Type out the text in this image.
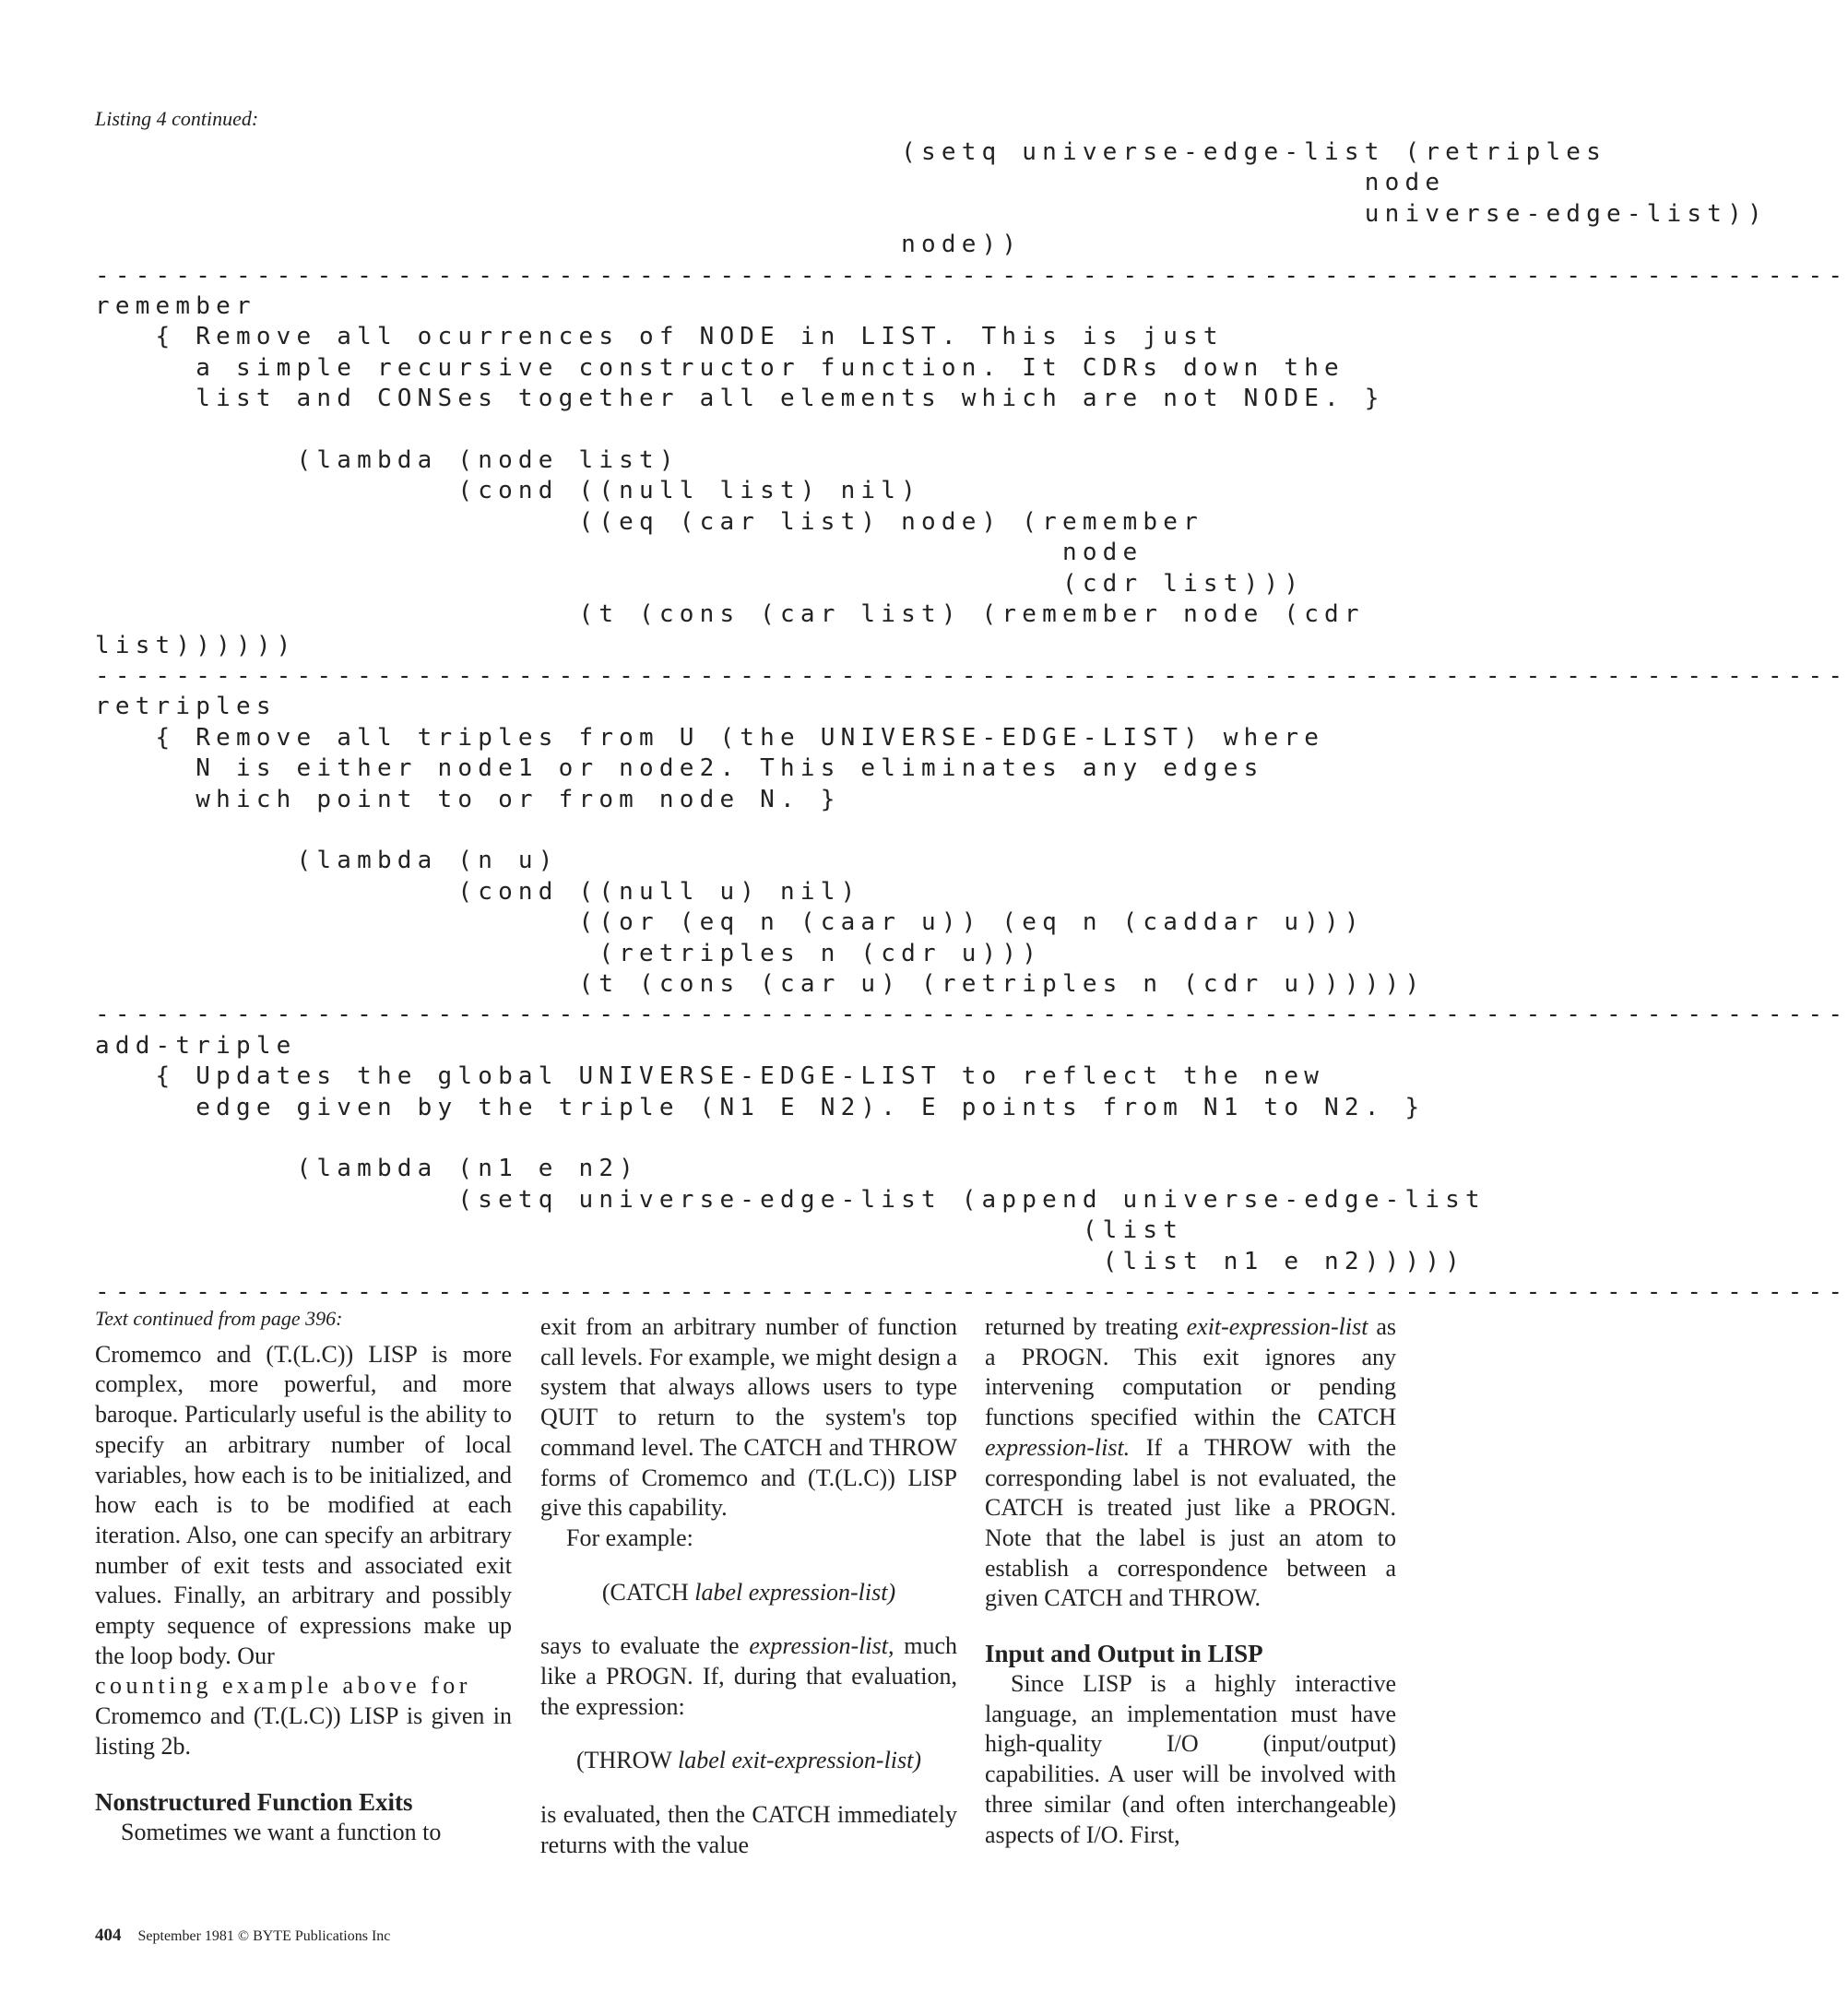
Listing 4 continued:
(setq universe-edge-list (retriples
node
universe-edge-list))
node))
---------------------------------------------------------------------------------------
remember
{ Remove all ocurrences of NODE in LIST. This is just
a simple recursive constructor function. It CDRs down the
list and CONSes together all elements which are not NODE. }

(lambda (node list)
(cond ((null list) nil)
((eq (car list) node) (remember
node
(cdr list)))
(t (cons (car list) (remember node (cdr
list))))))
---------------------------------------------------------------------------------------
retriples
{ Remove all triples from U (the UNIVERSE-EDGE-LIST) where
N is either node1 or node2. This eliminates any edges
which point to or from node N. }

(lambda (n u)
(cond ((null u) nil)
((or (eq n (caar u)) (eq n (caddar u)))
(retriples n (cdr u)))
(t (cons (car u) (retriples n (cdr u))))))
---------------------------------------------------------------------------------------
add-triple
{ Updates the global UNIVERSE-EDGE-LIST to reflect the new
edge given by the triple (N1 E N2). E points from N1 to N2. }

(lambda (n1 e n2)
(setq universe-edge-list (append universe-edge-list
(list
(list n1 e n2)))))
---------------------------------------------------------------------------------------

Text continued from page 396:

Cromemco and (T.(L.C)) LISP is more complex, more powerful, and more baroque. Particularly useful is the ability to specify an arbitrary number of local variables, how each is to be initialized, and how each is to be modified at each iteration. Also, one can specify an arbitrary number of exit tests and associated exit values. Finally, an arbitrary and possibly empty sequence of expressions make up the loop body. Our

counting example above for

Cromemco and (T.(L.C)) LISP is given in listing 2b.

Nonstructured Function Exits

Sometimes we want a function to

exit from an arbitrary number of function call levels. For example, we might design a system that always allows users to type QUIT to return to the system's top command level. The CATCH and THROW forms of Cromemco and (T.(L.C)) LISP give this capability.

For example:

(CATCH label expression-list)

says to evaluate the expression-list, much like a PROGN. If, during that evaluation, the expression:

(THROW label exit-expression-list)

is evaluated, then the CATCH immediately returns with the value

returned by treating exit-expression-list as a PROGN. This exit ignores any intervening computation or pending functions specified within the CATCH expression-list. If a THROW with the corresponding label is not evaluated, the CATCH is treated just like a PROGN. Note that the label is just an atom to establish a correspondence between a given CATCH and THROW.

Input and Output in LISP

Since LISP is a highly interactive language, an implementation must have high-quality I/O (input/output) capabilities. A user will be involved with three similar (and often interchangeable) aspects of I/O. First,

404 September 1981 © BYTE Publications Inc
